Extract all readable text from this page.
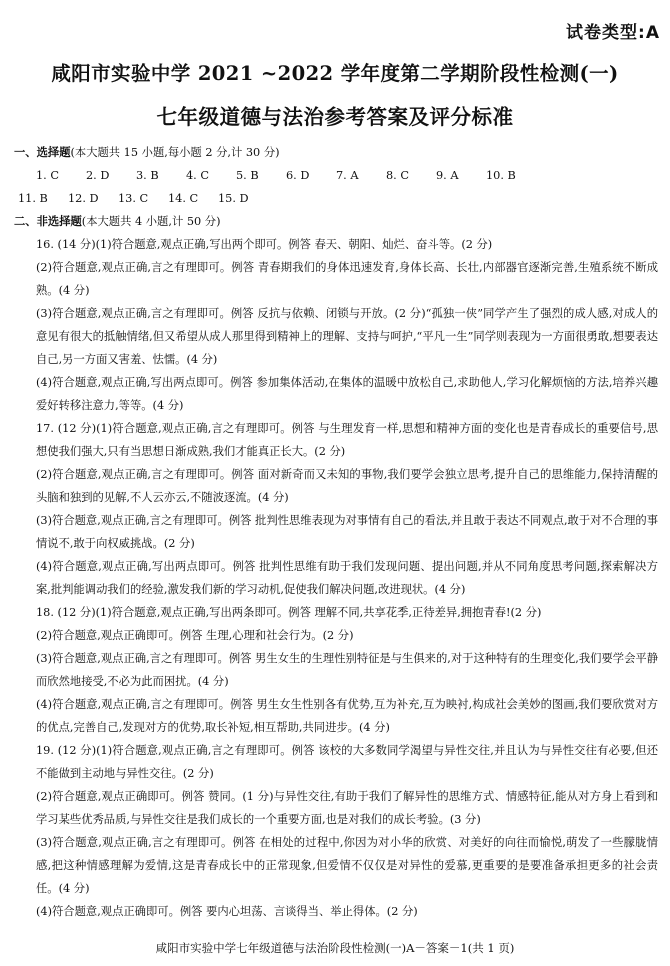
试卷类型:A
咸阳市实验中学 2021 ~2022 学年度第二学期阶段性检测(一)
七年级道德与法治参考答案及评分标准
一、选择题(本大题共 15 小题,每小题 2 分,计 30 分)
1. C 2. D 3. B 4. C 5. B 6. D 7. A 8. C 9. A 10. B
11. B 12. D 13. C 14. C 15. D
二、非选择题(本大题共 4 小题,计 50 分)
16. (14 分)(1)符合题意,观点正确,写出两个即可。例答 春天、朝阳、灿烂、奋斗等。(2 分)
(2)符合题意,观点正确,言之有理即可。例答 青春期我们的身体迅速发育,身体长高、长壮,内部器官逐渐完善,生殖系统不断成熟。(4 分)
(3)符合题意,观点正确,言之有理即可。例答 反抗与依赖、闭锁与开放。(2 分)“孤独一侠”同学产生了强烈的成人感,对成人的意见有很大的抵触情绪,但又希望从成人那里得到精神上的理解、支持与呵护,“平凡一生”同学则表现为一方面很勇敢,想要表达自己,另一方面又害羞、怯懦。(4 分)
(4)符合题意,观点正确,写出两点即可。例答 参加集体活动,在集体的温暖中放松自己,求助他人,学习化解烦恼的方法,培养兴趣爱好转移注意力,等等。(4 分)
17. (12 分)(1)符合题意,观点正确,言之有理即可。例答 与生理发育一样,思想和精神方面的变化也是青春成长的重要信号,思想使我们强大,只有当思想日渐成熟,我们才能真正长大。(2 分)
(2)符合题意,观点正确,言之有理即可。例答 面对新奇而又未知的事物,我们要学会独立思考,提升自己的思维能力,保持清醒的头脑和独到的见解,不人云亦云,不随波逐流。(4 分)
(3)符合题意,观点正确,言之有理即可。例答 批判性思维表现为对事情有自己的看法,并且敢于表达不同观点,敢于对不合理的事情说不,敢于向权威挑战。(2 分)
(4)符合题意,观点正确,写出两点即可。例答 批判性思维有助于我们发现问题、提出问题,并从不同角度思考问题,探索解决方案,批判能调动我们的经验,激发我们新的学习动机,促使我们解决问题,改进现状。(4 分)
18. (12 分)(1)符合题意,观点正确,写出两条即可。例答 理解不同,共享花季,正待差异,拥抱青春!(2 分)
(2)符合题意,观点正确即可。例答 生理,心理和社会行为。(2 分)
(3)符合题意,观点正确,言之有理即可。例答 男生女生的生理性别特征是与生俱来的,对于这种特有的生理变化,我们要学会平静而欣然地接受,不必为此而困扰。(4 分)
(4)符合题意,观点正确,言之有理即可。例答 男生女生性别各有优势,互为补充,互为映衬,构成社会美妙的图画,我们要欣赏对方的优点,完善自己,发现对方的优势,取长补短,相互帮助,共同进步。(4 分)
19. (12 分)(1)符合题意,观点正确,言之有理即可。例答 该校的大多数同学渴望与异性交往,并且认为与异性交往有必要,但还不能做到主动地与异性交往。(2 分)
(2)符合题意,观点正确即可。例答 赞同。(1 分)与异性交往,有助于我们了解异性的思维方式、情感特征,能从对方身上看到和学习某些优秀品质,与异性交往是我们成长的一个重要方面,也是对我们的成长考验。(3 分)
(3)符合题意,观点正确,言之有理即可。例答 在相处的过程中,你因为对小华的欣赏、对美好的向往而愉悦,萌发了一些朦胧情感,把这种情感理解为爱情,这是青春成长中的正常现象,但爱情不仅仅是对异性的爱慕,更重要的是要准备承担更多的社会责任。(4 分)
(4)符合题意,观点正确即可。例答 要内心坦荡、言谈得当、举止得体。(2 分)
咸阳市实验中学七年级道德与法治阶段性检测(一)A－答案－1(共 1 页)
